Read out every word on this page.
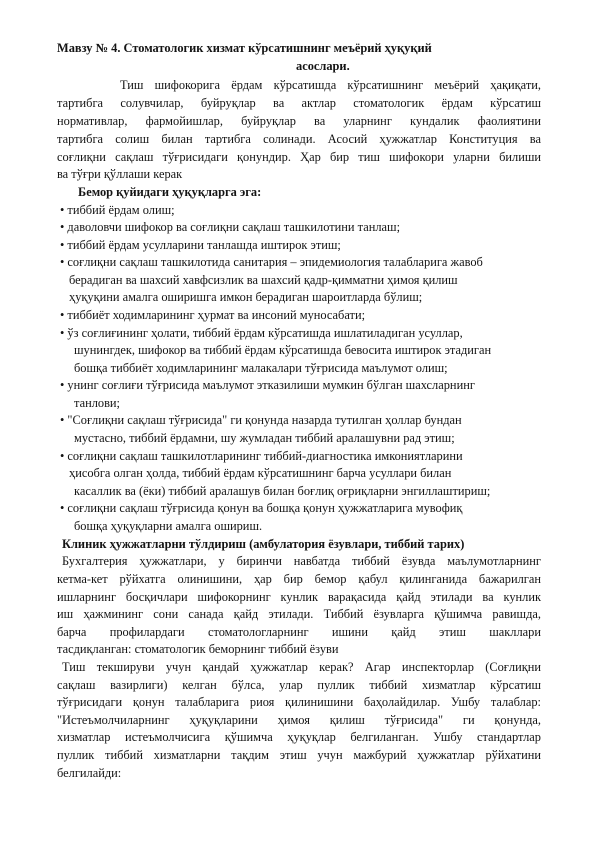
Мавзу № 4. Стоматологик хизмат кўрсатишнинг меъёрий ҳуқуқий
асослари.
Тиш шифокорига ёрдам кўрсатишда кўрсатишнинг меъёрий ҳақиқати,
тартибга солувчилар, буйруқлар ва актлар стоматологик ёрдам кўрсатиш
нормативлар, фармойишлар, буйруқлар ва уларнинг кундалик фаолиятини
тартибга солиш билан тартибга солинади. Асосий ҳужжатлар Конституция ва
соғлиқни сақлаш тўғрисидаги қонундир. Ҳар бир тиш шифокори уларни билиши
ва тўғри қўллаши керак
Бемор қуйидаги ҳуқуқларга эга:
• тиббий ёрдам олиш;
• даволовчи шифокор ва соғлиқни сақлаш ташкилотини танлаш;
• тиббий ёрдам усулларини танлашда иштирок этиш;
• соғлиқни сақлаш ташкилотида санитария – эпидемиология талабларига жавоб
берадиган ва шахсий хавфсизлик ва шахсий қадр-қимматни ҳимоя қилиш
ҳуқуқини амалга оширишга имкон берадиган шароитларда бўлиш;
• тиббиёт ходимларининг ҳурмат ва инсоний муносабати;
• ўз соғлиғининг ҳолати, тиббий ёрдам кўрсатишда ишлатиладиган усуллар,
шунингдек, шифокор ва тиббий ёрдам кўрсатишда бевосита иштирок этадиган
бошқа тиббиёт ходимларининг малакалари тўғрисида маълумот олиш;
• унинг соғлиғи тўғрисида маълумот этказилиши мумкин бўлган шахсларнинг
танлови;
• "Соғлиқни сақлаш тўғрисида" ги қонунда назарда тутилган ҳоллар бундан
мустасно, тиббий ёрдамни, шу жумладан тиббий аралашувни рад этиш;
• соғлиқни сақлаш ташкилотларининг тиббий-диагностика имкониятларини
ҳисобга олган ҳолда, тиббий ёрдам кўрсатишнинг барча усуллари билан
касаллик ва (ёки) тиббий аралашув билан боғлиқ оғриқларни энгиллаштириш;
• соғлиқни сақлаш тўғрисида қонун ва бошқа қонун ҳужжатларига мувофиқ
бошқа ҳуқуқларни амалга ошириш.
Клиник ҳужжатларни тўлдириш (амбулатория ёзувлари, тиббий тарих)
Бухгалтерия ҳужжатлари, у биринчи навбатда тиббий ёзувда маълумотларнинг
кетма-кет рўйхатга олинишини, ҳар бир бемор қабул қилинганида бажарилган
ишларнинг босқичлари шифокорнинг кунлик варақасида қайд этилади ва кунлик
иш ҳажмининг сони санада қайд этилади. Тиббий ёзувларга қўшимча равишда,
барча профилардаги стоматологларнинг ишини қайд этиш шакллари
тасдиқланган: стоматологик беморнинг тиббий ёзуви
Тиш текшируви учун қандай ҳужжатлар керак? Агар инспекторлар (Соғлиқни
сақлаш вазирлиги) келган бўлса, улар пуллик тиббий хизматлар кўрсатиш
тўғрисидаги қонун талабларига риоя қилинишини баҳолайдилар. Ушбу талаблар:
"Истеъмолчиларнинг ҳуқуқларини ҳимоя қилиш тўғрисида" ги қонунда,
хизматлар истеъмолчисига қўшимча ҳуқуқлар белгиланган. Ушбу стандартлар
пуллик тиббий хизматларни тақдим этиш учун мажбурий ҳужжатлар рўйхатини
белгилайди:
